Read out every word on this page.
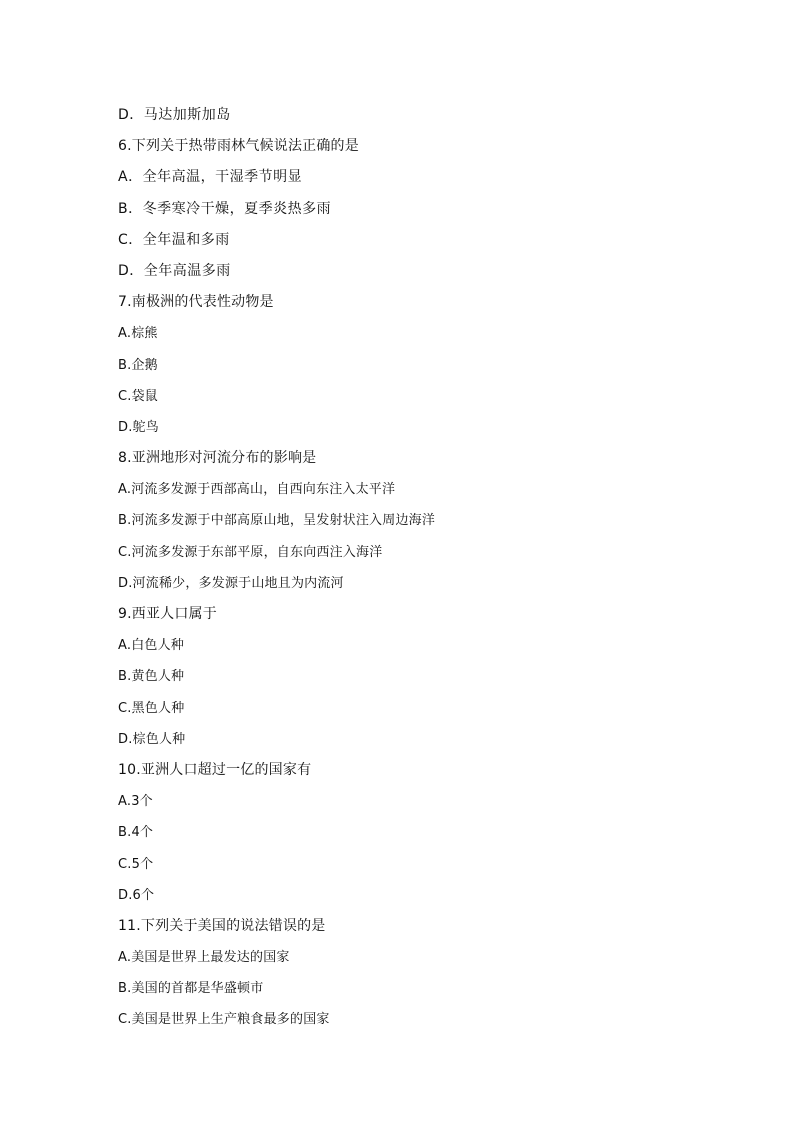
D．马达加斯加岛
6.下列关于热带雨林气候说法正确的是
A．全年高温，干湿季节明显
B．冬季寒冷干燥，夏季炎热多雨
C．全年温和多雨
D．全年高温多雨
7.南极洲的代表性动物是
A.棕熊
B.企鹅
C.袋鼠
D.鸵鸟
8.亚洲地形对河流分布的影响是
A.河流多发源于西部高山，自西向东注入太平洋
B.河流多发源于中部高原山地，呈发射状注入周边海洋
C.河流多发源于东部平原，自东向西注入海洋
D.河流稀少，多发源于山地且为内流河
9.西亚人口属于
A.白色人种
B.黄色人种
C.黑色人种
D.棕色人种
10.亚洲人口超过一亿的国家有
A.3个
B.4个
C.5个
D.6个
11.下列关于美国的说法错误的是
A.美国是世界上最发达的国家
B.美国的首都是华盛顿市
C.美国是世界上生产粮食最多的国家
